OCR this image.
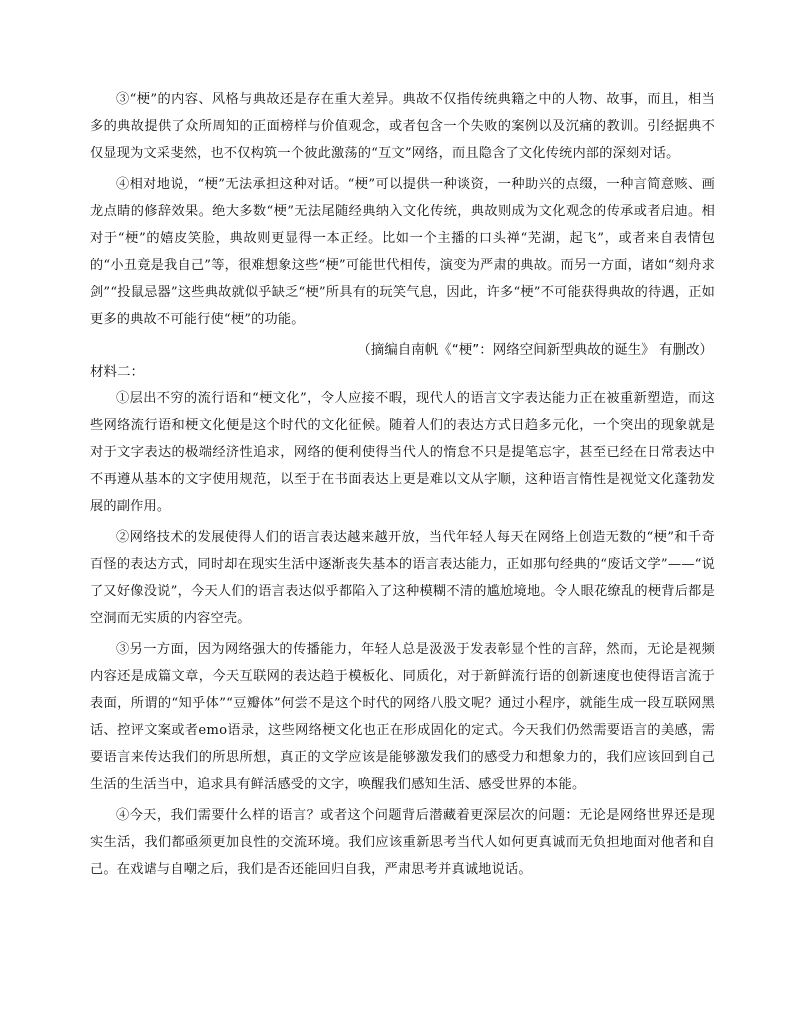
③“梗”的内容、风格与典故还是存在重大差异。典故不仅指传统典籍之中的人物、故事，而且，相当多的典故提供了众所周知的正面榜样与价值观念，或者包含一个失败的案例以及沉痛的教训。引经据典不仅显现为文采斐然，也不仅构筑一个彼此激荡的“互文”网络，而且隐含了文化传统内部的深刻对话。

④相对地说，“梗”无法承担这种对话。“梗”可以提供一种谈资，一种助兴的点缀，一种言简意赅、画龙点睛的修辞效果。绝大多数“梗”无法尾随经典纳入文化传统，典故则成为文化观念的传承或者启迪。相对于“梗”的嬉皮笑脸，典故则更显得一本正经。比如一个主播的口头禅“芜湖，起飞”，或者来自表情包的“小丑竟是我自己”等，很难想象这些“梗”可能世代相传，演变为严肃的典故。而另一方面，诸如“刻舟求剑”“投鼠忌器”这些典故就似乎缺乏“梗”所具有的玩笑气息，因此，许多“梗”不可能获得典故的待遇，正如更多的典故不可能行使“梗”的功能。

（摘编自南帆《“梗”：网络空间新型典故的诞生》 有删改）

材料二：

①层出不穷的流行语和“梗文化”，令人应接不暇，现代人的语言文字表达能力正在被重新塑造，而这些网络流行语和梗文化便是这个时代的文化征候。随着人们的表达方式日趋多元化，一个突出的现象就是对于文字表达的极端经济性追求，网络的便利使得当代人的惰怠不只是提笔忘字，甚至已经在日常表达中不再遵从基本的文字使用规范，以至于在书面表达上更是难以文从字顺，这种语言惰性是视觉文化蓬勃发展的副作用。

②网络技术的发展使得人们的语言表达越来越开放，当代年轻人每天在网络上创造无数的“梗”和千奇百怪的表达方式，同时却在现实生活中逐渐丧失基本的语言表达能力，正如那句经典的“废话文学”——“说了又好像没说”，今天人们的语言表达似乎都陷入了这种模糊不清的尴尬境地。令人眼花缭乱的梗背后都是空洞而无实质的内容空壳。

③另一方面，因为网络强大的传播能力，年轻人总是汲汲于发表彰显个性的言辞，然而，无论是视频内容还是成篇文章，今天互联网的表达趋于模板化、同质化，对于新鲜流行语的创新速度也使得语言流于表面，所谓的“知乎体”“豆瓣体”何尝不是这个时代的网络八股文呢？通过小程序，就能生成一段互联网黑话、控评文案或者emo语录，这些网络梗文化也正在形成固化的定式。今天我们仍然需要语言的美感，需要语言来传达我们的所思所想，真正的文学应该是能够激发我们的感受力和想象力的，我们应该回到自己生活的生活当中，追求具有鲜活感受的文字，唤醒我们感知生活、感受世界的本能。

④今天，我们需要什么样的语言？或者这个问题背后潜藏着更深层次的问题：无论是网络世界还是现实生活，我们都亟须更加良性的交流环境。我们应该重新思考当代人如何更真诚而无负担地面对他者和自己。在戏谑与自嘲之后，我们是否还能回归自我，严肃思考并真诚地说话。
